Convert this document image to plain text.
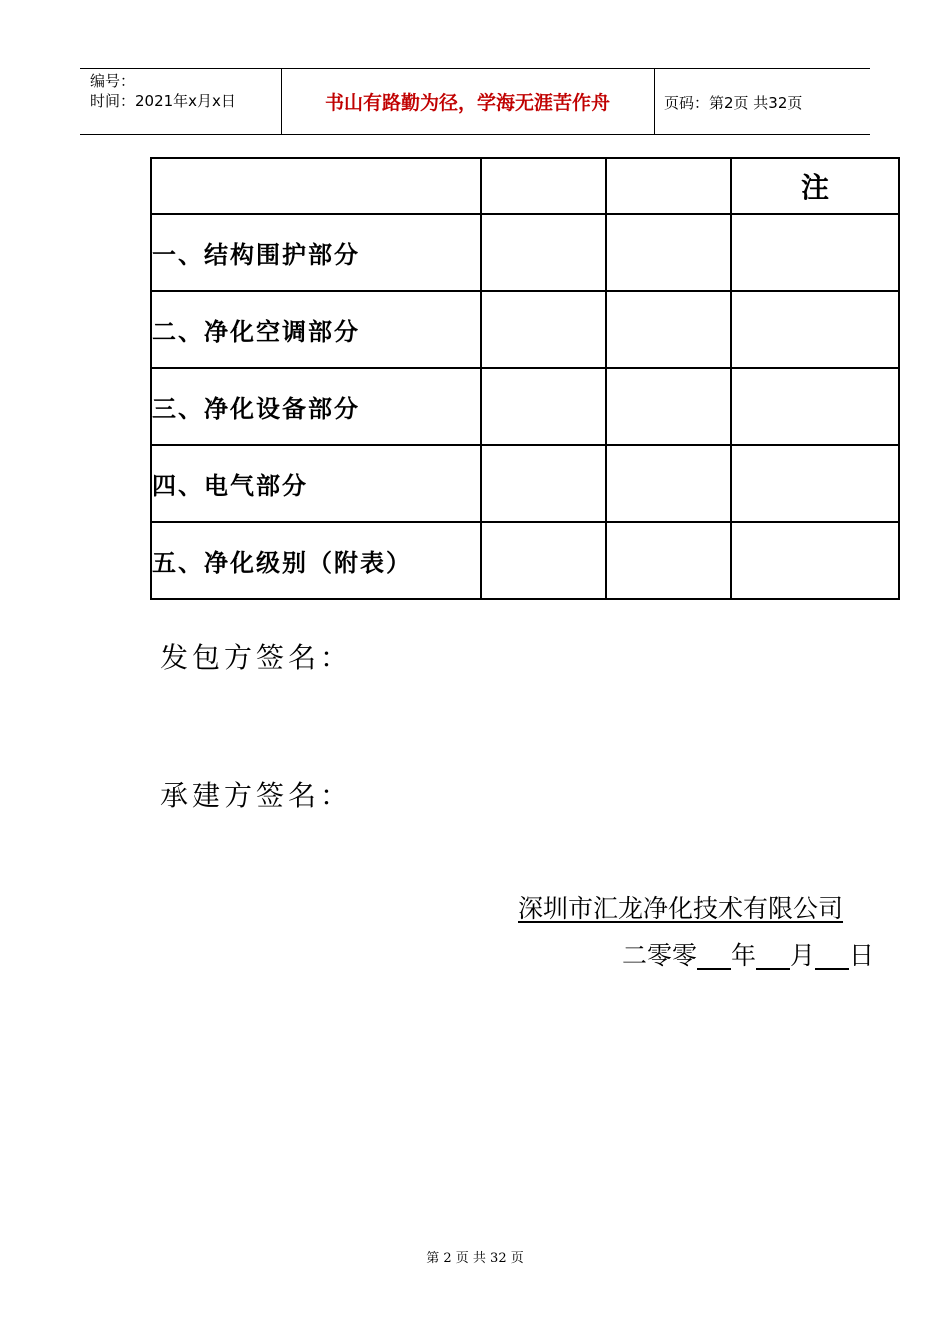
编号：
时间：2021年x月x日	书山有路勤为径，学海无涯苦作舟	页码：第2页 共32页
			注
一、结构围护部分			
二、净化空调部分			
三、净化设备部分			
四、电气部分			
五、净化级别（附表）			
发包方签名：
承建方签名：
深圳市汇龙净化技术有限公司
二零零 年 月 日
第 2 页 共 32 页
